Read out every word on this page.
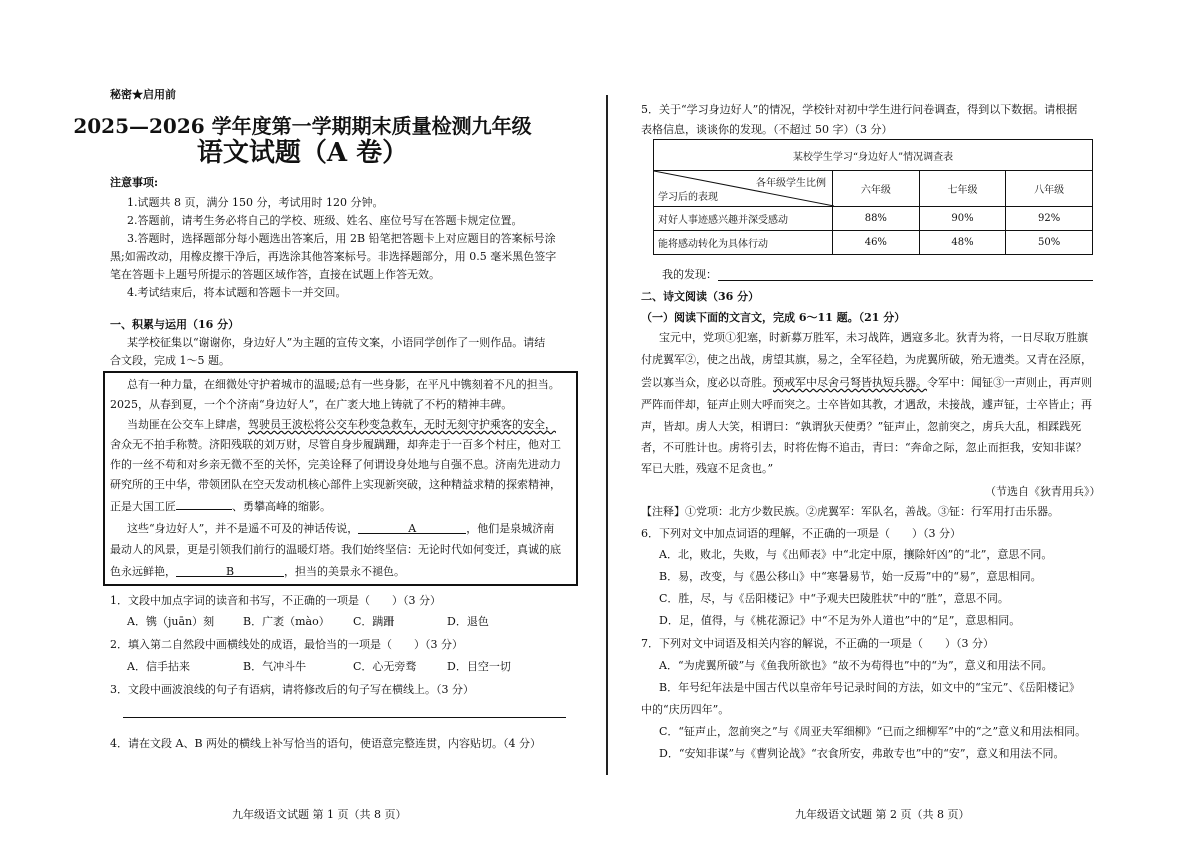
秘密★启用前
2025—2026 学年度第一学期期末质量检测九年级
语文试题（A 卷）
注意事项:
1.试题共 8 页，满分 150 分，考试用时 120 分钟。
2.答题前，请考生务必将自己的学校、班级、姓名、座位号写在答题卡规定位置。
3.答题时，选择题部分每小题选出答案后，用 2B 铅笔把答题卡上对应题目的答案标号涂
黑;如需改动，用橡皮擦干净后，再选涂其他答案标号。非选择题部分，用 0.5 毫米黑色签字
笔在答题卡上题号所提示的答题区域作答，直接在试题上作答无效。
4.考试结束后，将本试题和答题卡一并交回。
一、积累与运用（16 分）
某学校征集以“谢谢你，身边好人”为主题的宣传文案，小语同学创作了一则作品。请结
合文段，完成 1～5 题。
总有一种力量，在细微处守护着城市的温暖;总有一些身影，在平凡中镌刻着不凡的担当。
2025，从春到夏，一个个济南“身边好人”，在广袤大地上铸就了不朽的精神丰碑。
当劫匪在公交车上肆虐，驾驶员王波松将公交车秒变急救车，无时无刻守护乘客的安全，
舍众无不拍手称赞。济阳残联的刘万财，尽管自身步履蹒跚，却奔走于一百多个村庄，他对工
作的一丝不苟和对乡亲无微不至的关怀，完美诠释了何谓设身处地与自强不息。济南先进动力
研究所的王中华，带领团队在空天发动机核心部件上实现新突破，这种精益求精的探索精神，
正是大国工匠	、勇攀高峰的缩影。
这些“身边好人”，并不是遥不可及的神话传说，	A	，他们是泉城济南
最动人的风景，更是引领我们前行的温暖灯塔。我们始终坚信：无论时代如何变迁，真诚的底
色永远鲜艳，	B	，担当的美景永不褪色。
1．文段中加点字词的读音和书写，不正确的一项是（　　）（3 分）
A．镌（juān）刻	B．广袤（mào） C．蹒跚	D．退色
2．填入第二自然段中画横线处的成语，最恰当的一项是（　　）（3 分）
A．信手拈来	B．气冲斗牛	C．心无旁骛	D．目空一切
3．文段中画波浪线的句子有语病，请将修改后的句子写在横线上。（3 分）
4．请在文段 A、B 两处的横线上补写恰当的语句，使语意完整连贯，内容贴切。（4 分）
九年级语文试题 第 1 页（共 8 页）
5．关于“学习身边好人”的情况，学校针对初中学生进行问卷调查，得到以下数据。请根据
表格信息，谈谈你的发现。（不超过 50 字）（3 分）
某校学生学习“身边好人”情况调查表			

各年级学生比例
学习后的表现	六年级	七年级	八年级
对好人事迹感兴趣并深受感动	88%	90%	92%
能将感动转化为具体行动	46%	48%	50%
我的发现：
二、诗文阅读（36 分）
（一）阅读下面的文言文，完成 6～11 题。（21 分）
宝元中，党项①犯塞，时新募万胜军，未习战阵，遇寇多北。狄青为将，一日尽取万胜旗
付虎翼军②，使之出战，虏望其旗，易之，全军径趋，为虎翼所破，殆无遗类。又青在泾原，
尝以寡当众，度必以奇胜。预戒军中尽舍弓弩皆执短兵器。令军中：闻钲③一声则止，再声则
严阵而伴却，钲声止则大呼而突之。士卒皆如其教，才遇敌，未接战，遽声钲，士卒皆止；再
声，皆却。虏人大笑，相谓曰：“孰谓狄天使勇？”钲声止，忽前突之，虏兵大乱，相蹂践死
者，不可胜计也。虏将引去，时将佐悔不追击，青曰：“奔命之际，忽止而拒我，安知非谋？
军已大胜，残寇不足贪也。”
（节选自《狄青用兵》）
【注释】①党项：北方少数民族。②虎翼军：军队名，善战。③钲：行军用打击乐器。
6．下列对文中加点词语的理解，不正确的一项是（　　）（3 分）
A．北，败北，失败，与《出师表》中“北定中原，攘除奸凶”的“北”，意思不同。
B．易，改变，与《愚公移山》中“寒暑易节，始一反焉”中的“易”，意思相同。
C．胜，尽，与《岳阳楼记》中“予观夫巴陵胜状”中的“胜”，意思不同。
D．足，值得，与《桃花源记》中“不足为外人道也”中的“足”，意思相同。
7．下列对文中词语及相关内容的解说，不正确的一项是（　　）（3 分）
A．“为虎翼所破”与《鱼我所欲也》“故不为苟得也”中的“为”，意义和用法不同。
B．年号纪年法是中国古代以皇帝年号记录时间的方法，如文中的“宝元”、《岳阳楼记》
中的“庆历四年”。
C．“钲声止，忽前突之”与《周亚夫军细柳》“已而之细柳军”中的“之”意义和用法相同。
D．“安知非谋”与《曹刿论战》“衣食所安，弗敢专也”中的“安”，意义和用法不同。
九年级语文试题 第 2 页（共 8 页）
